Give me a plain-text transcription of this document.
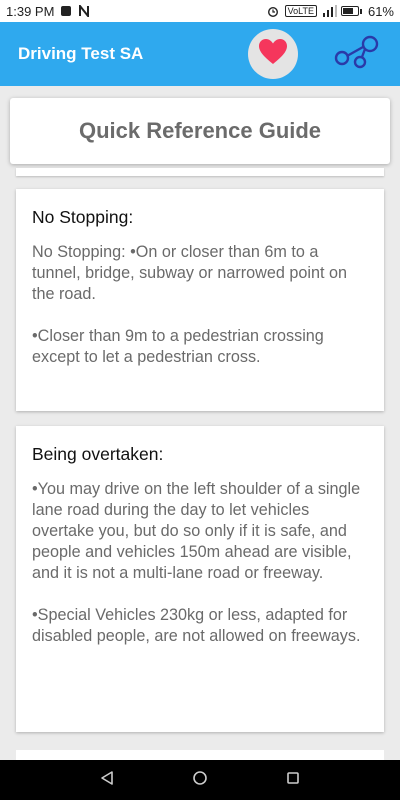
1:39 PM	VoLTE	61%
Driving Test SA
Quick Reference Guide
No Stopping:
No Stopping: •On or closer than 6m to a tunnel, bridge, subway or narrowed point on the road.

•Closer than 9m to a pedestrian crossing except to let a pedestrian cross.
Being overtaken:
•You may drive on the left shoulder of a single lane road during the day to let vehicles overtake you, but do so only if it is safe, and people and vehicles 150m ahead are visible, and it is not a multi-lane road or freeway.

•Special Vehicles 230kg or less, adapted for disabled people, are not allowed on freeways.
